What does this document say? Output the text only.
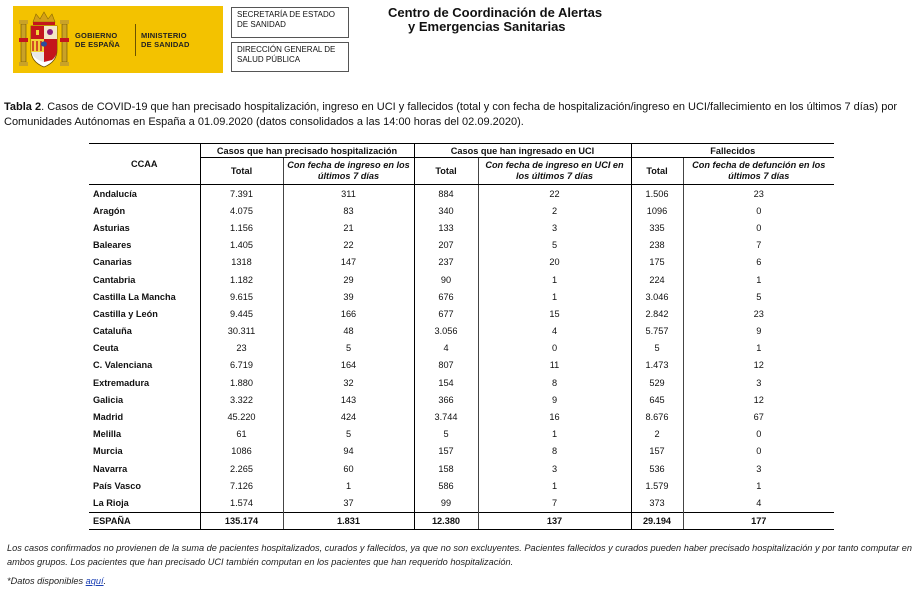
GOBIERNO
DE ESPAÑA
MINISTERIO
DE SANIDAD
SECRETARÍA DE ESTADO
DE SANIDAD
DIRECCIÓN GENERAL DE
SALUD PÚBLICA
Centro de Coordinación de Alertas
y Emergencias Sanitarias
Tabla 2. Casos de COVID-19 que han precisado hospitalización, ingreso en UCI y fallecidos (total y con fecha de hospitalización/ingreso en UCI/fallecimiento en los últimos 7 días) por Comunidades Autónomas en España a 01.09.2020 (datos consolidados a las 14:00 horas del 02.09.2020).
CCAA	Casos que han precisado hospitalización		Casos que han ingresado en UCI		Fallecidos	
	Total	Con fecha de ingreso en los últimos 7 días	Total	Con fecha de ingreso en UCI en los últimos 7 días	Total	Con fecha de defunción en los últimos 7 días
Andalucía	7.391	311	884	22	1.506	23
Aragón	4.075	83	340	2	1096	0
Asturias	1.156	21	133	3	335	0
Baleares	1.405	22	207	5	238	7
Canarias	1318	147	237	20	175	6
Cantabria	1.182	29	90	1	224	1
Castilla La Mancha	9.615	39	676	1	3.046	5
Castilla y León	9.445	166	677	15	2.842	23
Cataluña	30.311	48	3.056	4	5.757	9
Ceuta	23	5	4	0	5	1
C. Valenciana	6.719	164	807	11	1.473	12
Extremadura	1.880	32	154	8	529	3
Galicia	3.322	143	366	9	645	12
Madrid	45.220	424	3.744	16	8.676	67
Melilla	61	5	5	1	2	0
Murcia	1086	94	157	8	157	0
Navarra	2.265	60	158	3	536	3
País Vasco	7.126	1	586	1	1.579	1
La Rioja	1.574	37	99	7	373	4
ESPAÑA	135.174	1.831	12.380	137	29.194	177
Los casos confirmados no provienen de la suma de pacientes hospitalizados, curados y fallecidos, ya que no son excluyentes. Pacientes fallecidos y curados pueden haber precisado hospitalización y por tanto computar en ambos grupos. Los pacientes que han precisado UCI también computan en los pacientes que han requerido hospitalización.
*Datos disponibles aquí.
